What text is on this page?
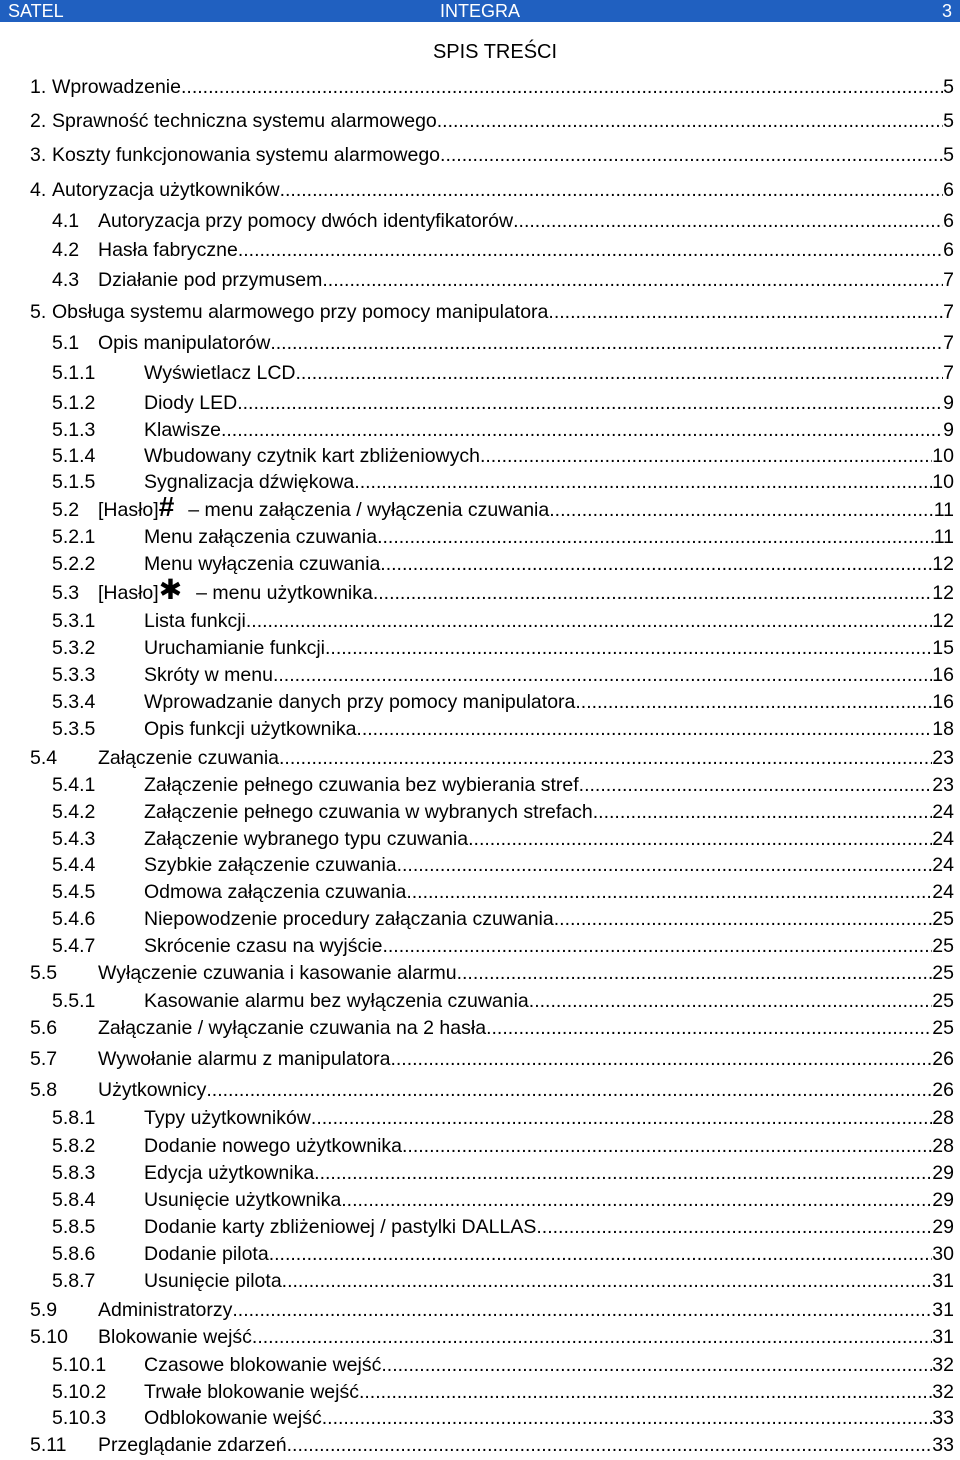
SATEL	INTEGRA	3
SPIS TREŚCI
1. Wprowadzenie .....	5
2. Sprawność techniczna systemu alarmowego .....	5
3. Koszty funkcjonowania systemu alarmowego .....	5
4. Autoryzacja użytkowników .....	6
4.1 Autoryzacja przy pomocy dwóch identyfikatorów .....	6
4.2 Hasła fabryczne .....	6
4.3 Działanie pod przymusem .....	7
5. Obsługa systemu alarmowego przy pomocy manipulatora .....	7
5.1 Opis manipulatorów .....	7
5.1.1 Wyświetlacz LCD .....	7
5.1.2 Diody LED .....	9
5.1.3 Klawisze .....	9
5.1.4 Wbudowany czytnik kart zbliżeniowych .....	10
5.1.5 Sygnalizacja dźwiękowa .....	10
5.2 [Hasło] # – menu załączenia / wyłączenia czuwania .....	11
5.2.1 Menu załączenia czuwania .....	11
5.2.2 Menu wyłączenia czuwania .....	12
5.3 [Hasło] ✱ – menu użytkownika .....	12
5.3.1 Lista funkcji .....	12
5.3.2 Uruchamianie funkcji .....	15
5.3.3 Skróty w menu .....	16
5.3.4 Wprowadzanie danych przy pomocy manipulatora .....	16
5.3.5 Opis funkcji użytkownika .....	18
5.4 Załączenie czuwania .....	23
5.4.1 Załączenie pełnego czuwania bez wybierania stref .....	23
5.4.2 Załączenie pełnego czuwania w wybranych strefach .....	24
5.4.3 Załączenie wybranego typu czuwania .....	24
5.4.4 Szybkie załączenie czuwania .....	24
5.4.5 Odmowa załączenia czuwania .....	24
5.4.6 Niepowodzenie procedury załączania czuwania .....	25
5.4.7 Skrócenie czasu na wyjście .....	25
5.5 Wyłączenie czuwania i kasowanie alarmu .....	25
5.5.1 Kasowanie alarmu bez wyłączenia czuwania .....	25
5.6 Załączanie / wyłączanie czuwania na 2 hasła .....	25
5.7 Wywołanie alarmu z manipulatora .....	26
5.8 Użytkownicy .....	26
5.8.1 Typy użytkowników .....	28
5.8.2 Dodanie nowego użytkownika .....	28
5.8.3 Edycja użytkownika .....	29
5.8.4 Usunięcie użytkownika .....	29
5.8.5 Dodanie karty zbliżeniowej / pastylki DALLAS .....	29
5.8.6 Dodanie pilota .....	30
5.8.7 Usunięcie pilota .....	31
5.9 Administratorzy .....	31
5.10 Blokowanie wejść .....	31
5.10.1 Czasowe blokowanie wejść .....	32
5.10.2 Trwałe blokowanie wejść .....	32
5.10.3 Odblokowanie wejść .....	33
5.11 Przeglądanie zdarzeń .....	33
